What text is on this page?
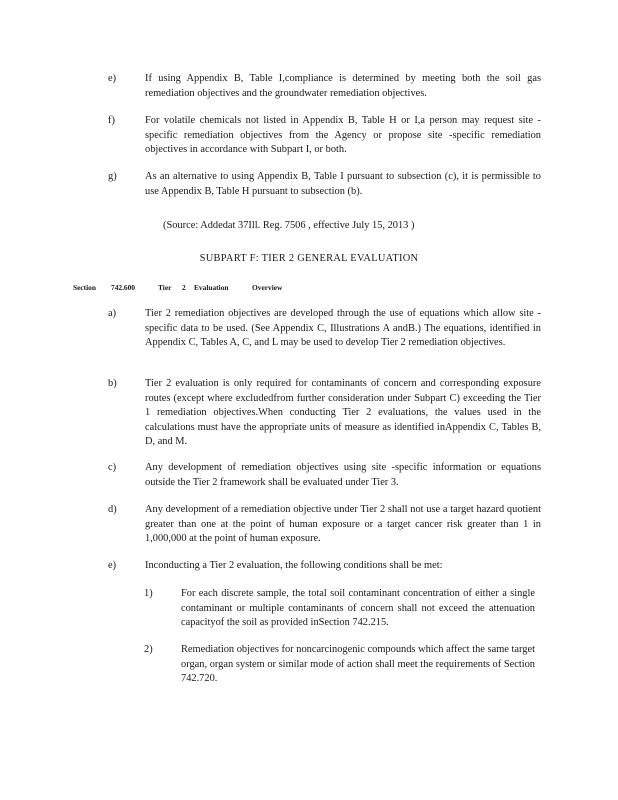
e)	If using Appendix B, Table I,compliance is determined by meeting both the soil gas remediation objectives and the groundwater remediation objectives.
f)	For volatile chemicals not listed in Appendix B, Table H or I,a person may request site -specific remediation objectives from the Agency or propose site -specific remediation objectives in accordance with Subpart I, or both.
g)	As an alternative to using Appendix B, Table I pursuant to subsection (c), it is permissible to use Appendix B, Table H pursuant to subsection (b).
(Source: Addedat 37Ill. Reg. 7506 , effective July 15, 2013 )
SUBPART F: TIER 2 GENERAL EVALUATION
Section 742.600	Tier 2 Evaluation	Overview
a)	Tier 2 remediation objectives are developed through the use of equations which allow site -specific data to be used. (See Appendix C, Illustrations A andB.) The equations, identified in Appendix C, Tables A, C, and L may be used to develop Tier 2 remediation objectives.
b)	Tier 2 evaluation is only required for contaminants of concern and corresponding exposure routes (except where excludedfrom further consideration under Subpart C) exceeding the Tier 1 remediation objectives.When conducting Tier 2 evaluations, the values used in the calculations must have the appropriate units of measure as identified inAppendix C, Tables B, D, and M.
c)	Any development of remediation objectives using site -specific information or equations outside the Tier 2 framework shall be evaluated under Tier 3.
d)	Any development of a remediation objective under Tier 2 shall not use a target hazard quotient greater than one at the point of human exposure or a target cancer risk greater than 1 in 1,000,000 at the point of human exposure.
e)	Inconducting a Tier 2 evaluation, the following conditions shall be met:
1)	For each discrete sample, the total soil contaminant concentration of either a single contaminant or multiple contaminants of concern shall not exceed the attenuation capacityof the soil as provided inSection 742.215.
2)	Remediation objectives for noncarcinogenic compounds which affect the same target organ, organ system or similar mode of action shall meet the requirements of Section 742.720.
